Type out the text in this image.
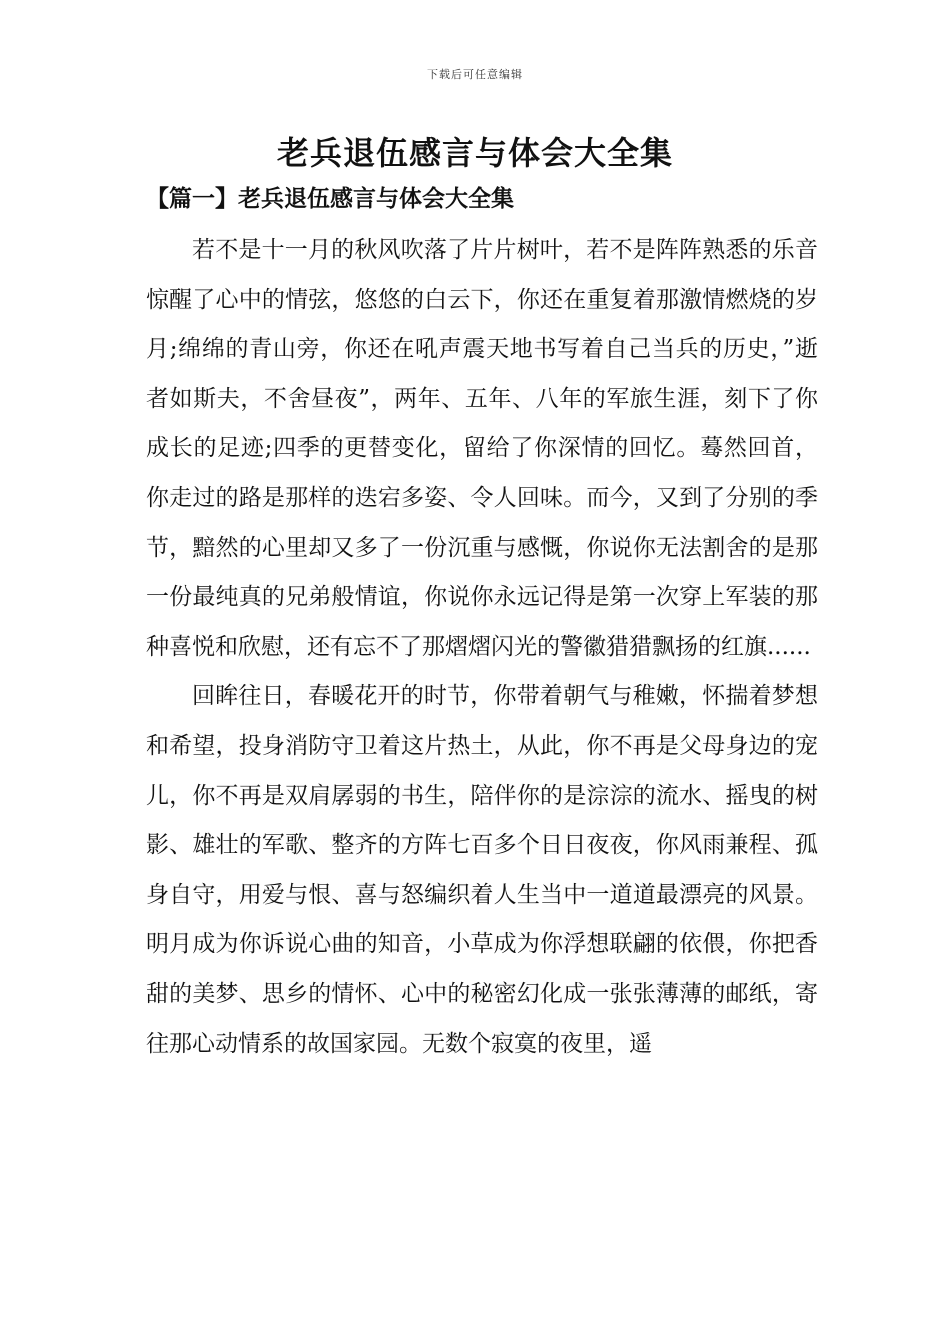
下载后可任意编辑
老兵退伍感言与体会大全集
【篇一】老兵退伍感言与体会大全集

若不是十一月的秋风吹落了片片树叶，若不是阵阵熟悉的乐音惊醒了心中的情弦，悠悠的白云下，你还在重复着那激情燃烧的岁月;绵绵的青山旁，你还在吼声震天地书写着自己当兵的历史，”逝者如斯夫，不舍昼夜”，两年、五年、八年的军旅生涯，刻下了你成长的足迹;四季的更替变化，留给了你深情的回忆。蓦然回首，你走过的路是那样的迭宕多姿、令人回味。而今，又到了分别的季节，黯然的心里却又多了一份沉重与感慨，你说你无法割舍的是那一份最纯真的兄弟般情谊，你说你永远记得是第一次穿上军装的那种喜悦和欣慰，还有忘不了那熠熠闪光的警徽猎猎飘扬的红旗......

回眸往日，春暖花开的时节，你带着朝气与稚嫩，怀揣着梦想和希望，投身消防守卫着这片热土，从此，你不再是父母身边的宠儿，你不再是双肩孱弱的书生，陪伴你的是淙淙的流水、摇曳的树影、雄壮的军歌、整齐的方阵七百多个日日夜夜，你风雨兼程、孤身自守，用爱与恨、喜与怒编织着人生当中一道道最漂亮的风景。明月成为你诉说心曲的知音，小草成为你浮想联翩的依偎，你把香甜的美梦、思乡的情怀、心中的秘密幻化成一张张薄薄的邮纸，寄往那心动情系的故国家园。无数个寂寞的夜里，遥
